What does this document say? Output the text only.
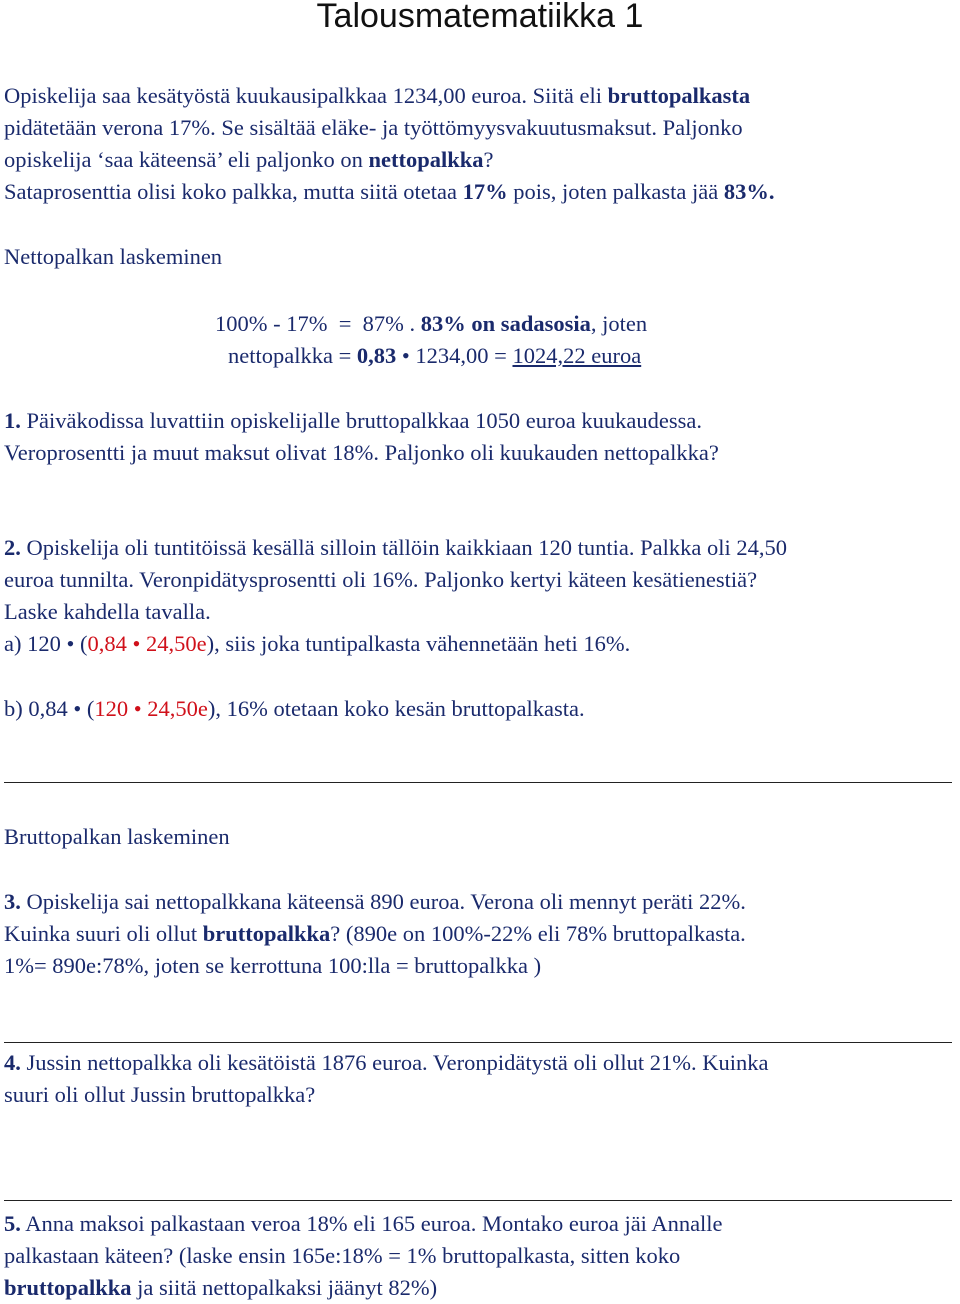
Talousmatematiikka 1

Opiskelija saa kesätyöstä kuukausipalkkaa 1234,00 euroa. Siitä eli bruttopalkasta

pidätetään verona 17%. Se sisältää eläke- ja työttömyysvakuutusmaksut. Paljonko

opiskelija ‘saa käteensä’ eli paljonko on nettopalkka?

Sataprosenttia olisi koko palkka, mutta siitä otetaa 17% pois, joten palkasta jää 83%.

Nettopalkan laskeminen
100% - 17%  =  87% . 83% on sadasosia, joten
nettopalkka = 0,83 • 1234,00 = 1024,22 euroa

1. Päiväkodissa luvattiin opiskelijalle bruttopalkkaa 1050 euroa kuukaudessa.

Veroprosentti ja muut maksut olivat 18%. Paljonko oli kuukauden nettopalkka?

2. Opiskelija oli tuntitöissä kesällä silloin tällöin kaikkiaan 120 tuntia. Palkka oli 24,50

euroa tunnilta. Veronpidätysprosentti oli 16%. Paljonko kertyi käteen kesätienestiä?

Laske kahdella tavalla.

a) 120 • (0,84 • 24,50e), siis joka tuntipalkasta vähennetään heti 16%.

b) 0,84 • (120 • 24,50e), 16% otetaan koko kesän bruttopalkasta.
Bruttopalkan laskeminen

3. Opiskelija sai nettopalkkana käteensä 890 euroa. Verona oli mennyt peräti 22%.

Kuinka suuri oli ollut bruttopalkka? (890e on 100%-22% eli 78% bruttopalkasta.

1%= 890e:78%, joten se kerrottuna 100:lla = bruttopalkka )

4. Jussin nettopalkka oli kesätöistä 1876 euroa. Veronpidätystä oli ollut 21%. Kuinka

suuri oli ollut Jussin bruttopalkka?

5. Anna maksoi palkastaan veroa 18% eli 165 euroa. Montako euroa jäi Annalle

palkastaan käteen? (laske ensin 165e:18% = 1% bruttopalkasta, sitten koko

bruttopalkka ja siitä nettopalkaksi jäänyt 82%)
